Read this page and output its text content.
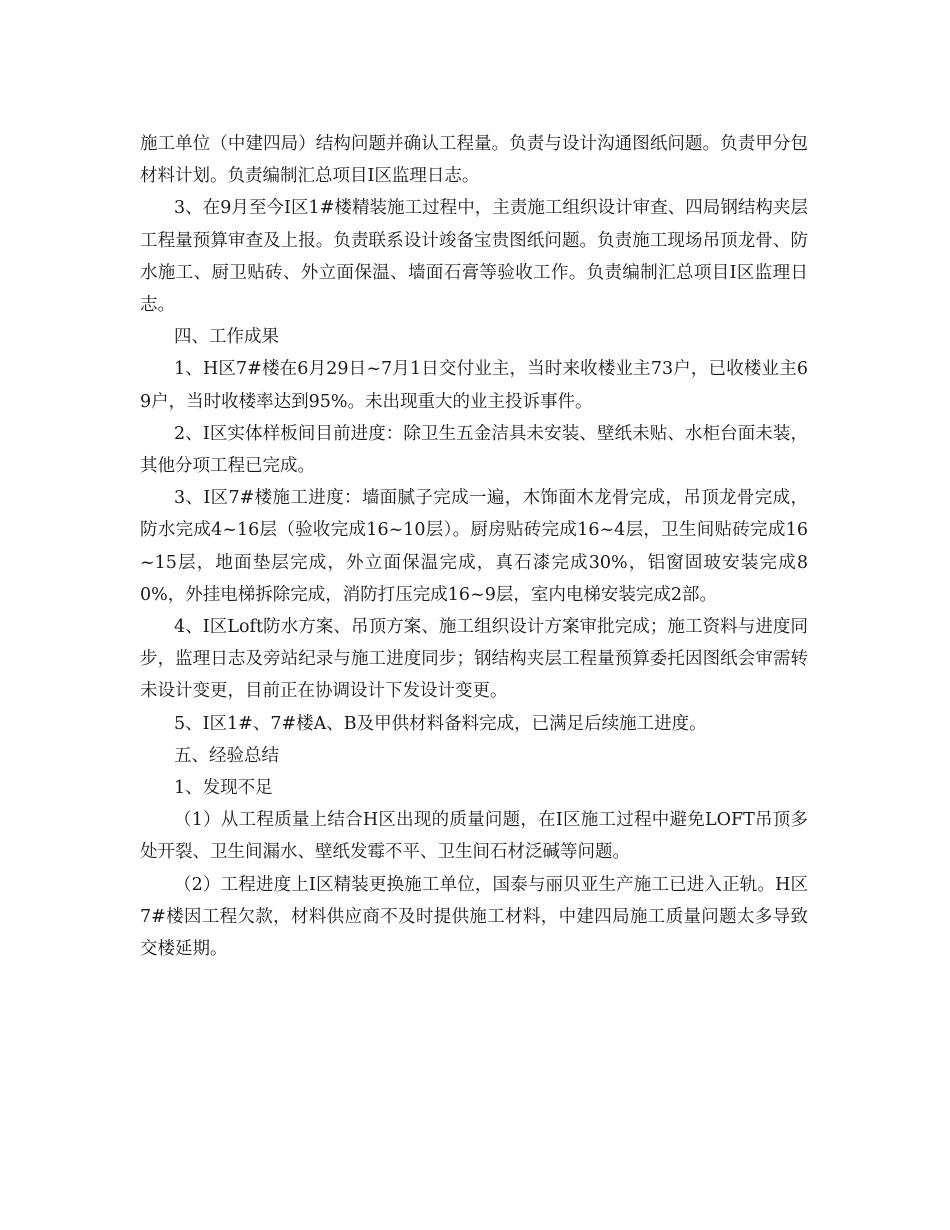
施工单位（中建四局）结构问题并确认工程量。负责与设计沟通图纸问题。负责甲分包材料计划。负责编制汇总项目Ⅰ区监理日志。

3、在9月至今Ⅰ区1#楼精装施工过程中，主责施工组织设计审查、四局钢结构夹层工程量预算审查及上报。负责联系设计竣备宝贵图纸问题。负责施工现场吊顶龙骨、防水施工、厨卫贴砖、外立面保温、墙面石膏等验收工作。负责编制汇总项目Ⅰ区监理日志。

四、工作成果

1、H区7#楼在6月29日~7月1日交付业主，当时来收楼业主73户，已收楼业主69户，当时收楼率达到95%。未出现重大的业主投诉事件。

2、Ⅰ区实体样板间目前进度：除卫生五金洁具未安装、壁纸未贴、水柜台面未装，其他分项工程已完成。

3、Ⅰ区7#楼施工进度：墙面腻子完成一遍，木饰面木龙骨完成，吊顶龙骨完成，防水完成4~16层（验收完成16~10层）。厨房贴砖完成16~4层，卫生间贴砖完成16~15层，地面垫层完成，外立面保温完成，真石漆完成30%，铝窗固玻安装完成80%，外挂电梯拆除完成，消防打压完成16~9层，室内电梯安装完成2部。

4、Ⅰ区Loft防水方案、吊顶方案、施工组织设计方案审批完成；施工资料与进度同步，监理日志及旁站纪录与施工进度同步；钢结构夹层工程量预算委托因图纸会审需转未设计变更，目前正在协调设计下发设计变更。

5、Ⅰ区1#、7#楼A、B及甲供材料备料完成，已满足后续施工进度。

五、经验总结

1、发现不足

（1）从工程质量上结合H区出现的质量问题，在Ⅰ区施工过程中避免LOFT吊顶多处开裂、卫生间漏水、壁纸发霉不平、卫生间石材泛碱等问题。

（2）工程进度上Ⅰ区精装更换施工单位，国泰与丽贝亚生产施工已进入正轨。H区7#楼因工程欠款，材料供应商不及时提供施工材料，中建四局施工质量问题太多导致交楼延期。
